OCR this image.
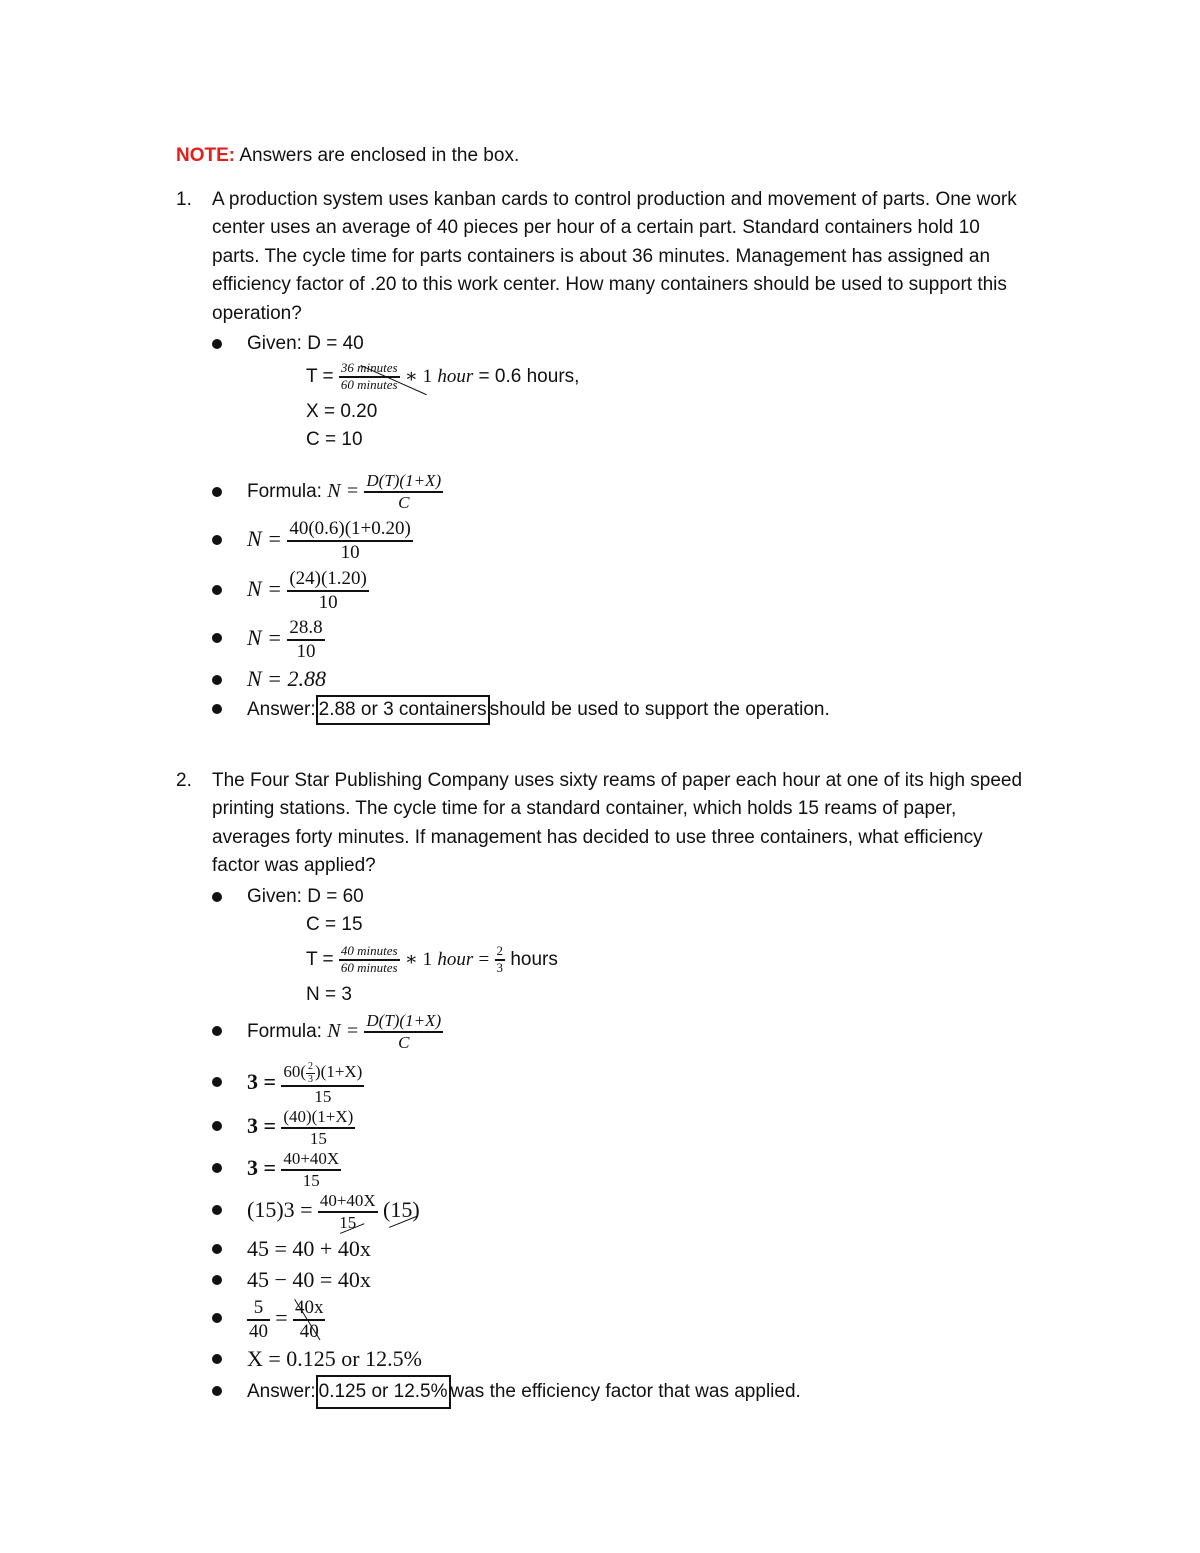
NOTE: Answers are enclosed in the box.
1. A production system uses kanban cards to control production and movement of parts. One work
center uses an average of 40 pieces per hour of a certain part. Standard containers hold 10
parts. The cycle time for parts containers is about 36 minutes. Management has assigned an
efficiency factor of .20 to this work center. How many containers should be used to support this
operation?
Given: D = 40
$T = \frac{\text{36 minutes}}{\text{60 minutes}}$ ∗ 1 hour = 0.6 hours,
X = 0.20
C = 10
Formula: $N = \frac{D(T)(1+X)}{C}$
$N = \frac{40(0.6)(1+0.20)}{10}$
$N = \frac{(24)(1.20)}{10}$
$N = \frac{28.8}{10}$
N = 2.88
Answer: 2.88 or 3 containers should be used to support the operation.
2. The Four Star Publishing Company uses sixty reams of paper each hour at one of its high speed
printing stations. The cycle time for a standard container, which holds 15 reams of paper,
averages forty minutes. If management has decided to use three containers, what efficiency
factor was applied?
Given: D = 60
C = 15
$T = \frac{\text{40 minutes}}{\text{60 minutes}}$ ∗ 1 hour = $\frac{2}{3}$ hours
N = 3
Formula: $N = \frac{D(T)(1+X)}{C}$
$3 = \frac{60( \frac{2}{3} )(1+X)}{15}$
$3 = \frac{(40)(1+X)}{15}$
$3 = \frac{40+40X}{15}$
$(15)3 = \frac{40+40X}{15} (15)$
45 = 40 + 40x
45 − 40 = 40x
$\frac{5}{40} = \frac{40x}{40}$
X = 0.125 or 12.5%
Answer: 0.125 or 12.5% was the efficiency factor that was applied.
